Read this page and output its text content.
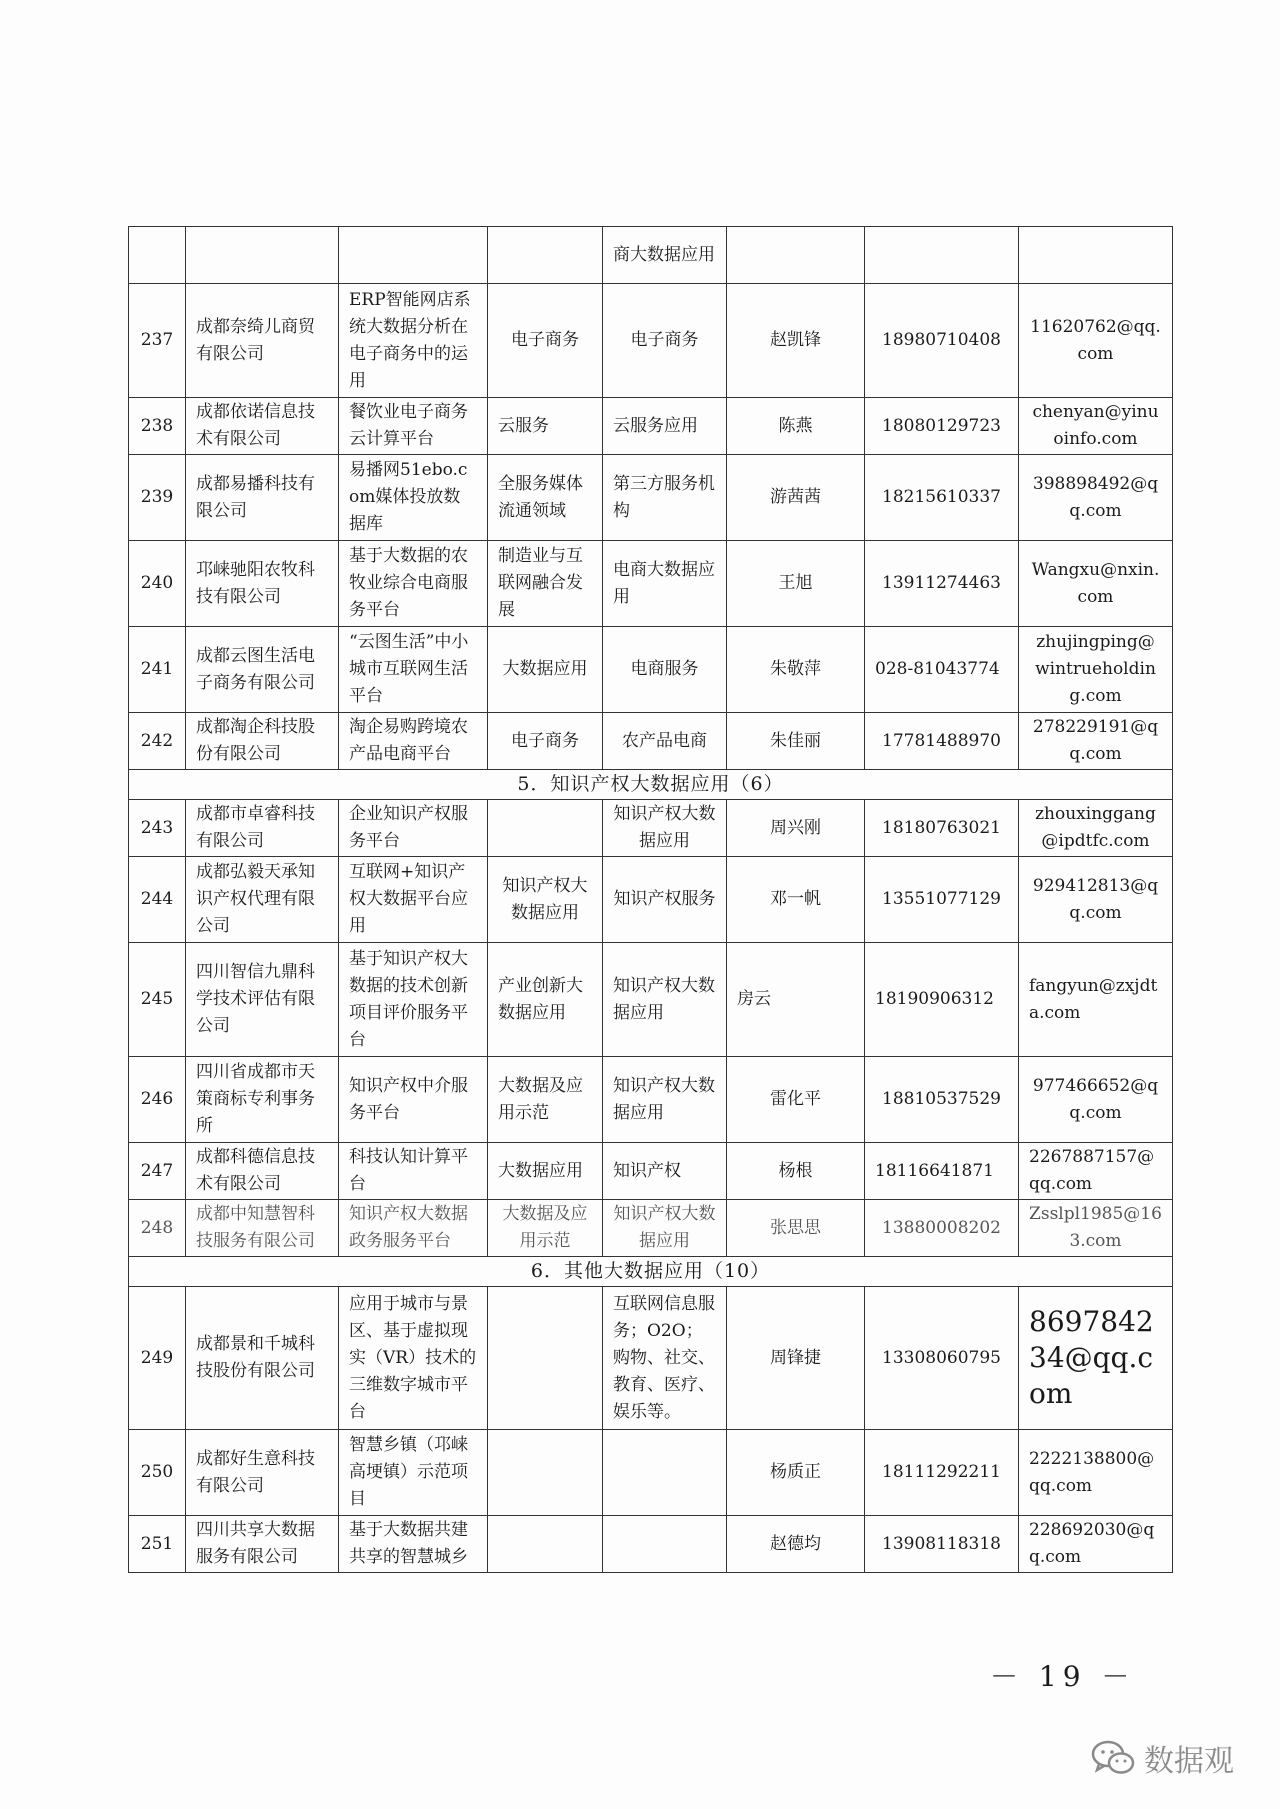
				商大数据应用			
237	成都奈绮儿商贸有限公司	ERP智能网店系统大数据分析在电子商务中的运用	电子商务	电子商务	赵凯锋	18980710408	11620762@qq.com
238	成都依诺信息技术有限公司	餐饮业电子商务云计算平台	云服务	云服务应用	陈燕	18080129723	chenyan@yinuoinfo.com
239	成都易播科技有限公司	易播网51ebo.com媒体投放数据库	全服务媒体流通领域	第三方服务机构	游茜茜	18215610337	398898492@qq.com
240	邛崃驰阳农牧科技有限公司	基于大数据的农牧业综合电商服务平台	制造业与互联网融合发展	电商大数据应用	王旭	13911274463	Wangxu@nxin.com
241	成都云图生活电子商务有限公司	“云图生活”中小城市互联网生活平台	大数据应用	电商服务	朱敬萍	028-81043774	zhujingping@wintrueholding.com
242	成都淘企科技股份有限公司	淘企易购跨境农产品电商平台	电子商务	农产品电商	朱佳丽	17781488970	278229191@qq.com
5．知识产权大数据应用（6）							
243	成都市卓睿科技有限公司	企业知识产权服务平台		知识产权大数据应用	周兴刚	18180763021	zhouxinggang@ipdtfc.com
244	成都弘毅天承知识产权代理有限公司	互联网+知识产权大数据平台应用	知识产权大数据应用	知识产权服务	邓一帆	13551077129	929412813@qq.com
245	四川智信九鼎科学技术评估有限公司	基于知识产权大数据的技术创新项目评价服务平台	产业创新大数据应用	知识产权大数据应用	房云	18190906312	fangyun@zxjdta.com
246	四川省成都市天策商标专利事务所	知识产权中介服务平台	大数据及应用示范	知识产权大数据应用	雷化平	18810537529	977466652@qq.com
247	成都科德信息技术有限公司	科技认知计算平台	大数据应用	知识产权	杨根	18116641871	2267887157@qq.com
248	成都中知慧智科技服务有限公司	知识产权大数据政务服务平台	大数据及应用示范	知识产权大数据应用	张思思	13880008202	Zsslpl1985@163.com
6．其他大数据应用（10）							
249	成都景和千城科技股份有限公司	应用于城市与景区、基于虚拟现实（VR）技术的三维数字城市平台		互联网信息服务；O2O；购物、社交、教育、医疗、娱乐等。	周锋捷	13308060795	869784234@qq.com
250	成都好生意科技有限公司	智慧乡镇（邛崃高埂镇）示范项目			杨质正	18111292211	2222138800@qq.com
251	四川共享大数据服务有限公司	基于大数据共建共享的智慧城乡			赵德均	13908118318	228692030@qq.com
－ 19 －
数据观
